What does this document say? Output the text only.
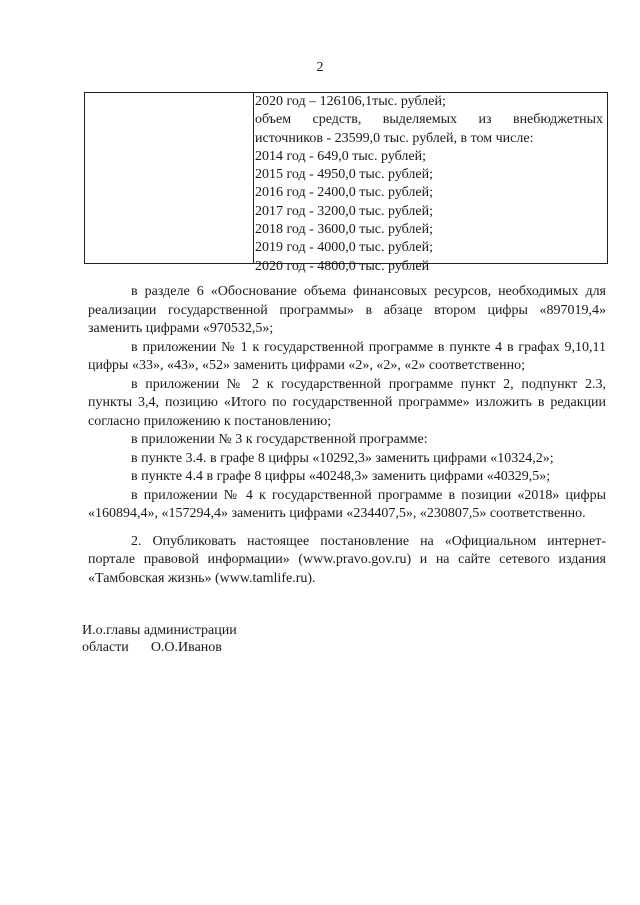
2
2020 год – 126106,1тыс. рублей;
объем средств, выделяемых из внебюджетных
источников - 23599,0 тыс. рублей, в том числе:
2014 год - 649,0 тыс. рублей;
2015 год - 4950,0 тыс. рублей;
2016 год - 2400,0 тыс. рублей;
2017 год - 3200,0 тыс. рублей;
2018 год - 3600,0 тыс. рублей;
2019 год - 4000,0 тыс. рублей;
2020 год - 4800,0 тыс. рублей

в разделе 6 «Обоснование объема финансовых ресурсов, необходимых для реализации государственной программы» в абзаце втором цифры «897019,4» заменить цифрами «970532,5»;

в приложении № 1 к государственной программе в пункте 4 в графах 9,10,11 цифры «33», «43», «52» заменить цифрами «2», «2», «2» соответственно;

в приложении № 2 к государственной программе пункт 2, подпункт 2.3, пункты 3,4, позицию «Итого по государственной программе» изложить в редакции согласно приложению к постановлению;

в приложении № 3 к государственной программе:

в пункте 3.4. в графе 8 цифры «10292,3» заменить цифрами «10324,2»;

в пункте 4.4 в графе 8 цифры «40248,3» заменить цифрами «40329,5»;

в приложении № 4 к государственной программе в позиции «2018» цифры «160894,4», «157294,4» заменить цифрами «234407,5», «230807,5» соответственно.

2. Опубликовать настоящее постановление на «Официальном интернет-портале правовой информации» (www.pravo.gov.ru) и на сайте сетевого издания «Тамбовская жизнь» (www.tamlife.ru).

И.о.главы администрации
области О.О.Иванов
